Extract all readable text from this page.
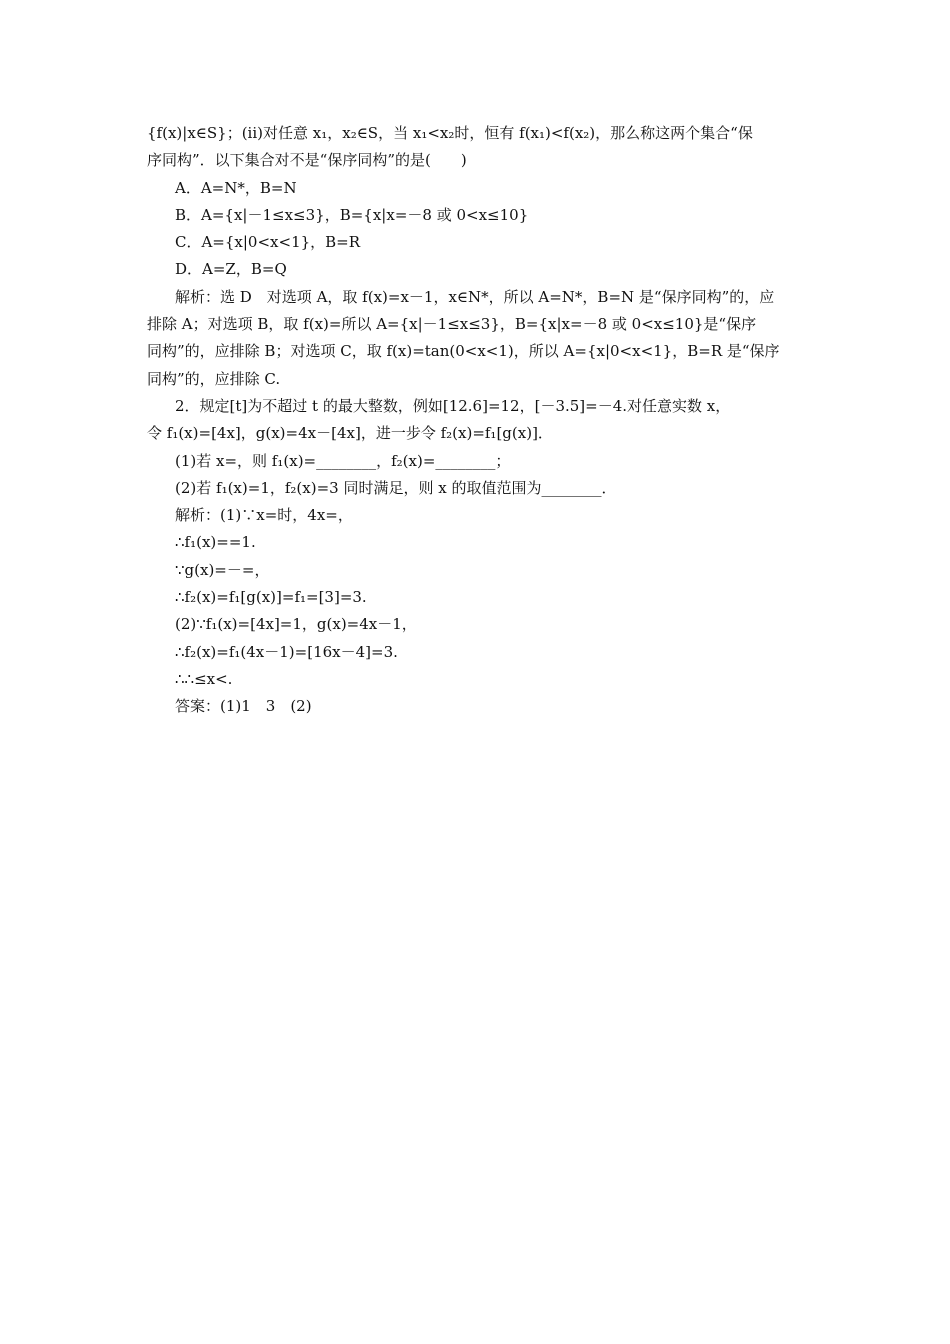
{f(x)|x∈S}；(ii)对任意 x₁，x₂∈S，当 x₁<x₂时，恒有 f(x₁)<f(x₂)，那么称这两个集合“保
序同构”．以下集合对不是“保序同构”的是(　　)
A．A=N*，B=N
B．A={x|－1≤x≤3}，B={x|x=－8 或 0<x≤10}
C．A={x|0<x<1}，B=R
D．A=Z，B=Q
解析：选 D　对选项 A，取 f(x)=x－1，x∈N*，所以 A=N*，B=N 是“保序同构”的，应
排除 A；对选项 B，取 f(x)=所以 A={x|－1≤x≤3}，B={x|x=－8 或 0<x≤10}是“保序
同构”的，应排除 B；对选项 C，取 f(x)=tan(0<x<1)，所以 A={x|0<x<1}，B=R 是“保序
同构”的，应排除 C.
2．规定[t]为不超过 t 的最大整数，例如[12.6]=12，[－3.5]=－4.对任意实数 x，
令 f₁(x)=[4x]，g(x)=4x－[4x]，进一步令 f₂(x)=f₁[g(x)]．
(1)若 x=，则 f₁(x)=________，f₂(x)=________；
(2)若 f₁(x)=1，f₂(x)=3 同时满足，则 x 的取值范围为________．
解析：(1)∵x=时，4x=，
∴f₁(x)==1.
∵g(x)=－=，
∴f₂(x)=f₁[g(x)]=f₁=[3]=3.
(2)∵f₁(x)=[4x]=1，g(x)=4x－1，
∴f₂(x)=f₁(4x－1)=[16x－4]=3.
∴∴≤x<.
答案：(1)1　3　(2)
